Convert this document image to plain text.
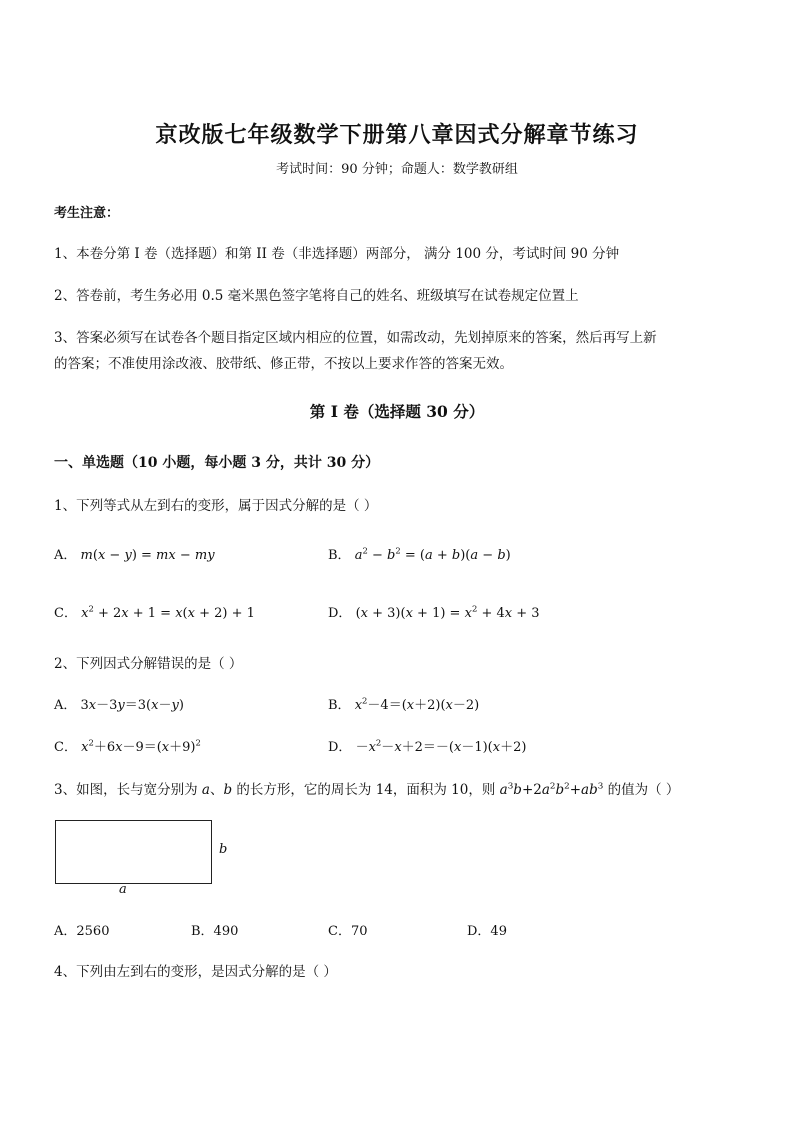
京改版七年级数学下册第八章因式分解章节练习
考试时间：90 分钟；命题人：数学教研组
考生注意：
1、本卷分第 I 卷（选择题）和第 II 卷（非选择题）两部分， 满分 100 分，考试时间 90 分钟
2、答卷前，考生务必用 0.5 毫米黑色签字笔将自己的姓名、班级填写在试卷规定位置上
3、答案必须写在试卷各个题目指定区域内相应的位置，如需改动，先划掉原来的答案，然后再写上新
的答案；不准使用涂改液、胶带纸、修正带，不按以上要求作答的答案无效。
第 I 卷（选择题 30 分）
一、单选题（10 小题，每小题 3 分，共计 30 分）
1、下列等式从左到右的变形，属于因式分解的是（ ）
A． m(x − y) = mx − my	B． $a^2 - b^2 = (a + b)(a - b)$
C． $x^2 + 2x + 1 = x(x + 2) + 1$	D． $(x + 3)(x + 1) = x^2 + 4x + 3$
2、下列因式分解错误的是（ ）
A． 3x－3y＝3(x－y)	B． $x^2-4=(x+2)(x-2)$
C． $x^2+6x-9=(x+9)^2$	D． $-x^2-x+2=-(x-1)(x+2)$
3、如图，长与宽分别为 a、b 的长方形，它的周长为 14，面积为 10，则 $a^3b+2a^2b^2+ab^3$ 的值为（ ）
b
a
A．2560	B．490	C．70	D．49
4、下列由左到右的变形，是因式分解的是（ ）
